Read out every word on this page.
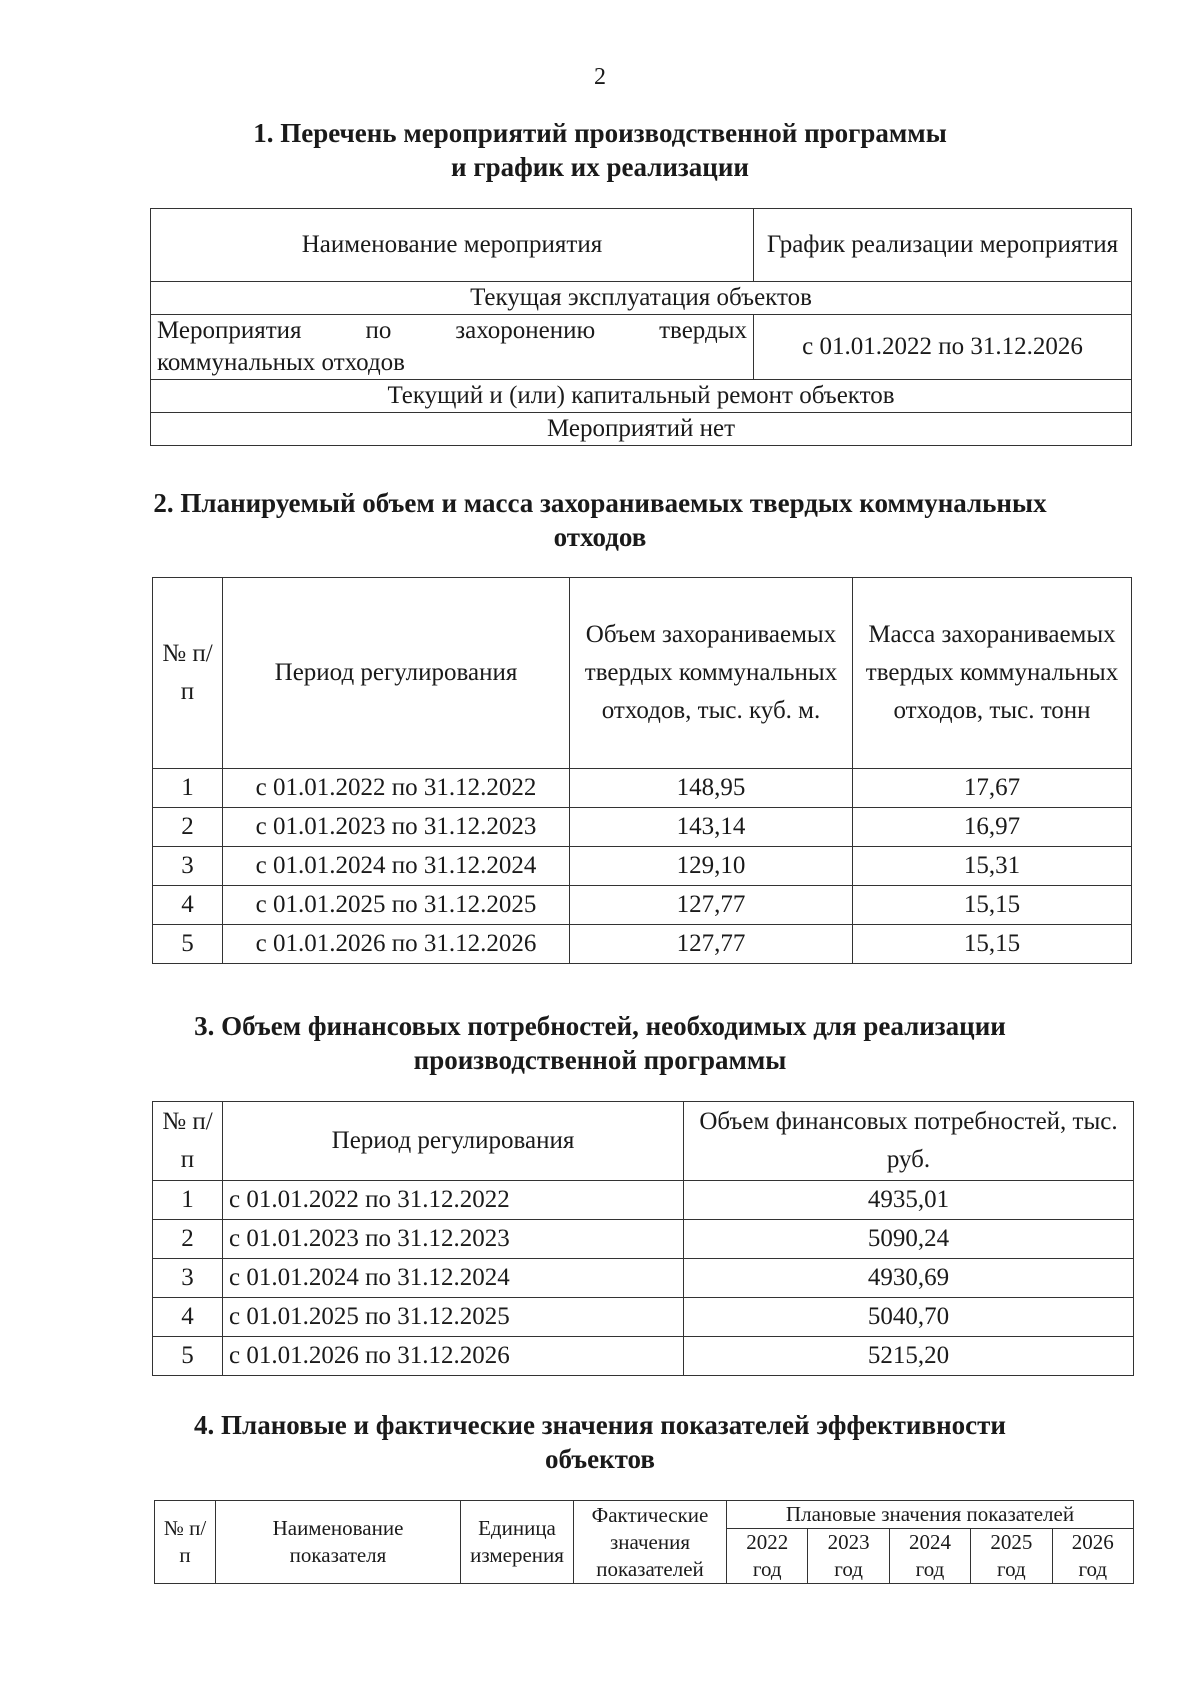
2
1. Перечень мероприятий производственной программы
и график их реализации
Наименование мероприятия	График реализации мероприятия
Текущая эксплуатация объектов	

Мероприятия по захоронению твердых
коммунальных отходов	с 01.01.2022 по 31.12.2026
Текущий и (или) капитальный ремонт объектов	
Мероприятий нет	
2. Планируемый объем и масса захораниваемых твердых коммунальных
отходов
№ п/п	Период регулирования	Объем захораниваемых твердых коммунальных отходов, тыс. куб. м.	Масса захораниваемых твердых коммунальных отходов, тыс. тонн
1	с 01.01.2022 по 31.12.2022	148,95	17,67
2	с 01.01.2023 по 31.12.2023	143,14	16,97
3	с 01.01.2024 по 31.12.2024	129,10	15,31
4	с 01.01.2025 по 31.12.2025	127,77	15,15
5	с 01.01.2026 по 31.12.2026	127,77	15,15
3. Объем финансовых потребностей, необходимых для реализации
производственной программы
№ п/п	Период регулирования	Объем финансовых потребностей, тыс. руб.
1	с 01.01.2022 по 31.12.2022	4935,01
2	с 01.01.2023 по 31.12.2023	5090,24
3	с 01.01.2024 по 31.12.2024	4930,69
4	с 01.01.2025 по 31.12.2025	5040,70
5	с 01.01.2026 по 31.12.2026	5215,20
4. Плановые и фактические значения показателей эффективности
объектов
№ п/п	Наименование показателя	Единица измерения	Фактические значения показателей	Плановые значения показателей				
				2022 год	2023 год	2024 год	2025 год	2026 год
